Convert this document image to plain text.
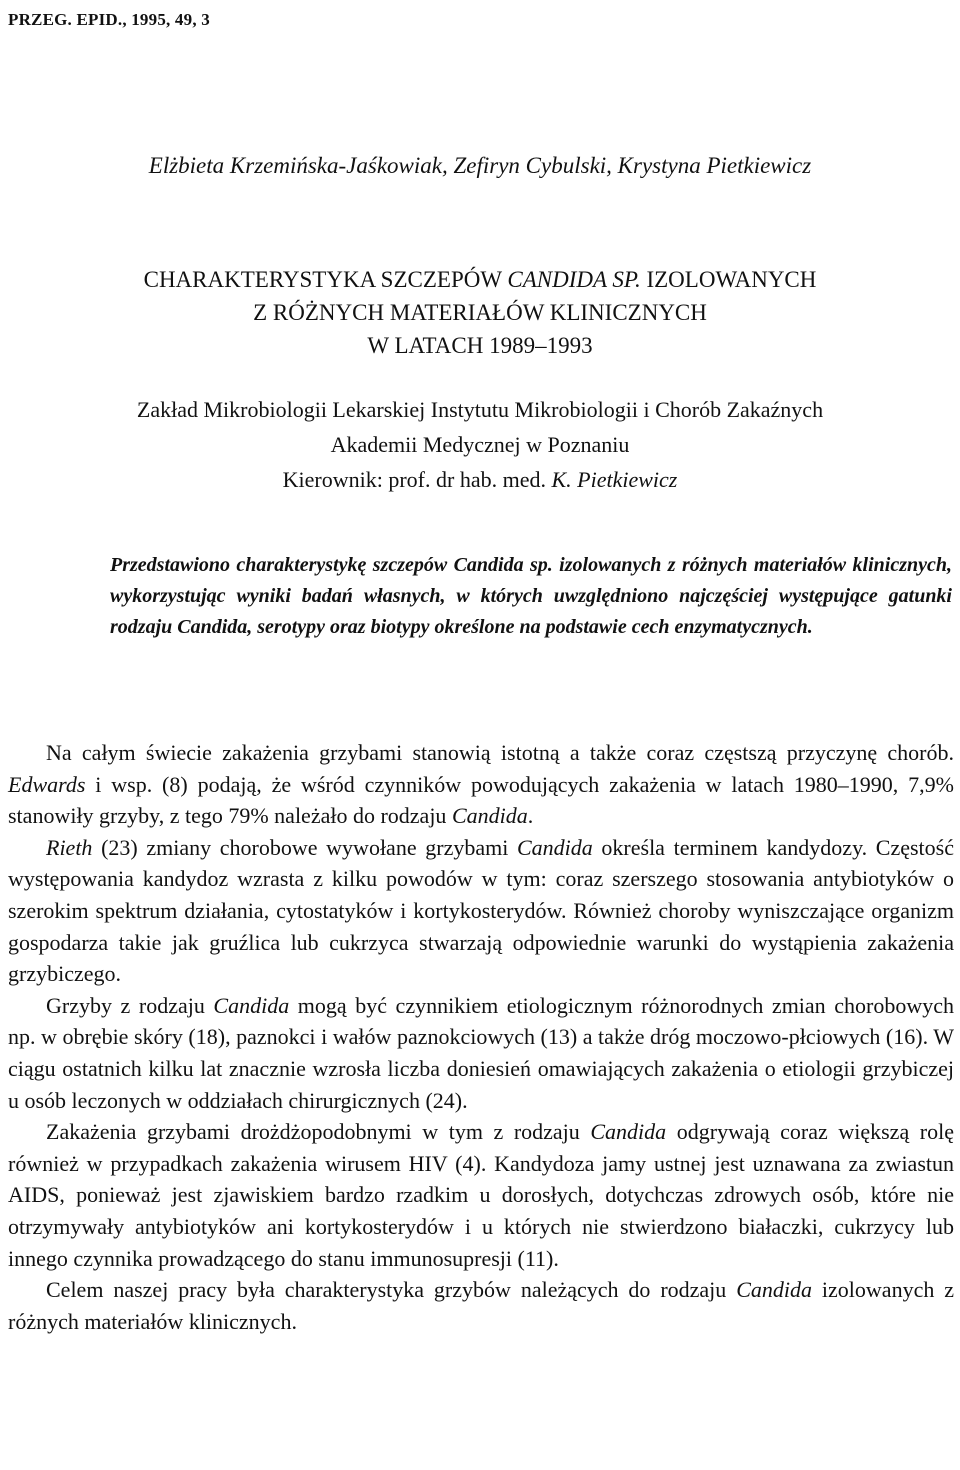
PRZEG. EPID., 1995, 49, 3
Elżbieta Krzemińska-Jaśkowiak, Zefiryn Cybulski, Krystyna Pietkiewicz
CHARAKTERYSTYKA SZCZEPÓW CANDIDA SP. IZOLOWANYCH
Z RÓŻNYCH MATERIAŁÓW KLINICZNYCH
W LATACH 1989–1993
Zakład Mikrobiologii Lekarskiej Instytutu Mikrobiologii i Chorób Zakaźnych
Akademii Medycznej w Poznaniu
Kierownik: prof. dr hab. med. K. Pietkiewicz
Przedstawiono charakterystykę szczepów Candida sp. izolowanych z różnych materiałów klinicznych, wykorzystując wyniki badań własnych, w których uwzględniono najczęściej występujące gatunki rodzaju Candida, serotypy oraz biotypy określone na podstawie cech enzymatycznych.

Na całym świecie zakażenia grzybami stanowią istotną a także coraz częstszą przyczynę chorób. Edwards i wsp. (8) podają, że wśród czynników powodujących zakażenia w latach 1980–1990, 7,9% stanowiły grzyby, z tego 79% należało do rodzaju Candida.

Rieth (23) zmiany chorobowe wywołane grzybami Candida określa terminem kandydozy. Częstość występowania kandydoz wzrasta z kilku powodów w tym: coraz szerszego stosowania antybiotyków o szerokim spektrum działania, cytostatyków i kortykosterydów. Również choroby wyniszczające organizm gospodarza takie jak gruźlica lub cukrzyca stwarzają odpowiednie warunki do wystąpienia zakażenia grzybiczego.

Grzyby z rodzaju Candida mogą być czynnikiem etiologicznym różnorodnych zmian chorobowych np. w obrębie skóry (18), paznokci i wałów paznokciowych (13) a także dróg moczowo-płciowych (16). W ciągu ostatnich kilku lat znacznie wzrosła liczba doniesień omawiających zakażenia o etiologii grzybiczej u osób leczonych w oddziałach chirurgicznych (24).

Zakażenia grzybami drożdżopodobnymi w tym z rodzaju Candida odgrywają coraz większą rolę również w przypadkach zakażenia wirusem HIV (4). Kandydoza jamy ustnej jest uznawana za zwiastun AIDS, ponieważ jest zjawiskiem bardzo rzadkim u dorosłych, dotychczas zdrowych osób, które nie otrzymywały antybiotyków ani kortykosterydów i u których nie stwierdzono białaczki, cukrzycy lub innego czynnika prowadzącego do stanu immunosupresji (11).

Celem naszej pracy była charakterystyka grzybów należących do rodzaju Candida izolowanych z różnych materiałów klinicznych.
